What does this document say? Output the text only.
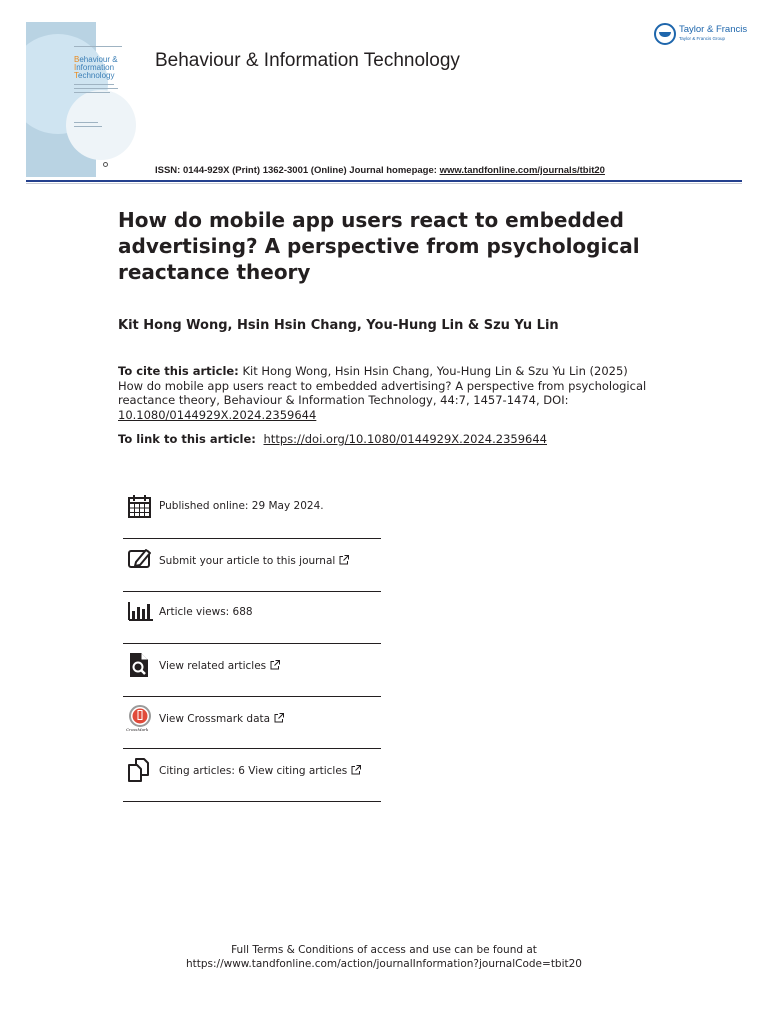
Behaviour &
Information
Technology
Behaviour & Information Technology
ISSN: 0144-929X (Print) 1362-3001 (Online) Journal homepage: www.tandfonline.com/journals/tbit20
Taylor & Francis
Taylor & Francis Group
How do mobile app users react to embedded advertising? A perspective from psychological reactance theory
Kit Hong Wong, Hsin Hsin Chang, You-Hung Lin & Szu Yu Lin
To cite this article: Kit Hong Wong, Hsin Hsin Chang, You-Hung Lin & Szu Yu Lin (2025) How do mobile app users react to embedded advertising? A perspective from psychological reactance theory, Behaviour & Information Technology, 44:7, 1457-1474, DOI: 10.1080/0144929X.2024.2359644
To link to this article: https://doi.org/10.1080/0144929X.2024.2359644
Published online: 29 May 2024.
Submit your article to this journal
Article views: 688
View related articles
CrossMark
View Crossmark data
Citing articles: 6 View citing articles
Full Terms & Conditions of access and use can be found at
https://www.tandfonline.com/action/journalInformation?journalCode=tbit20
